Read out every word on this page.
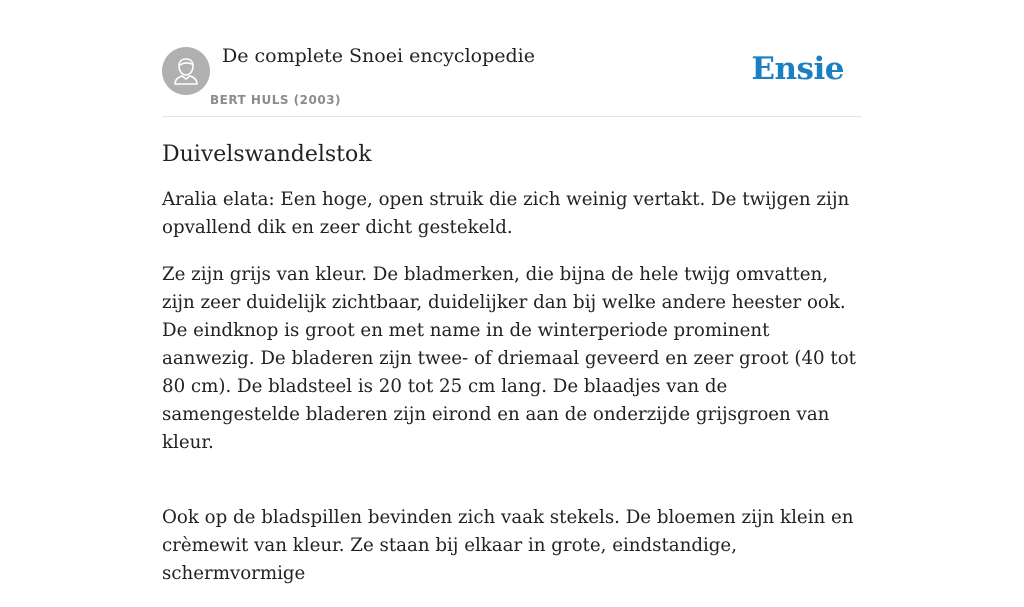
De complete Snoei encyclopedie
BERT HULS (2003)
Ensie
Duivelswandelstok

Aralia elata: Een hoge, open struik die zich weinig vertakt. De twijgen zijn opvallend dik en zeer dicht gestekeld.

Ze zijn grijs van kleur. De bladmerken, die bijna de hele twijg omvatten, zijn zeer duidelijk zichtbaar, duidelijker dan bij welke andere heester ook. De eindknop is groot en met name in de winterperiode prominent aanwezig. De bladeren zijn twee- of driemaal geveerd en zeer groot (40 tot 80 cm). De bladsteel is 20 tot 25 cm lang. De blaadjes van de samengestelde bladeren zijn eirond en aan de onderzijde grijsgroen van kleur.

Ook op de bladspillen bevinden zich vaak stekels. De bloemen zijn klein en crèmewit van kleur. Ze staan bij elkaar in grote, eindstandige, schermvormige
